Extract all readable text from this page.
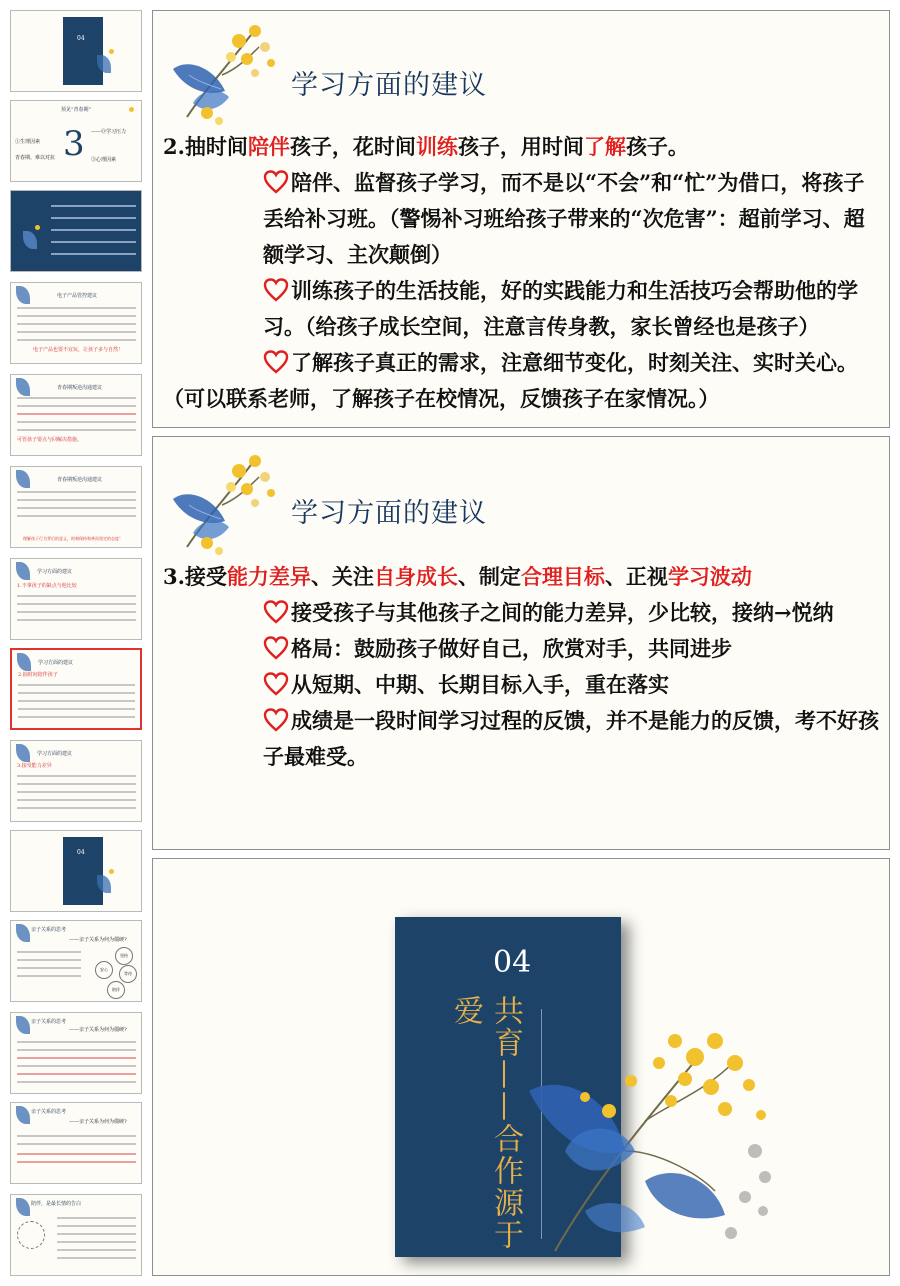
04
预见“青春期”
①生理因素
——⓪学习压力
③心理因素
青春期、难以对抗 3
电子产品管控建议
电子产品也要不宜玩，让孩子多与自然！
青春期叛逆沟通建议
可管孩子要点与回解决措施。
青春期叛逆沟通建议
理解孩子行为背后的意义，时刻保持和善而坚定的态度！
学习方面的建议
1.不拿孩子的缺点与他比较
学习方面的建议
2.抽时间陪伴孩子
学习方面的建议
3.接受能力差异
04
亲子关系的思考
——亲子关系为何为僵硬?
坚持
安心
等待
陪伴
亲子关系的思考
——亲子关系为何为僵硬?
亲子关系的思考
——亲子关系为何为僵硬?
陪伴，是最长情的告白
学习方面的建议
2.抽时间陪伴孩子，花时间训练孩子，用时间了解孩子。
陪伴、监督孩子学习，而不是以“不会”和“忙”为借口，将孩子丢给补习班。（警惕补习班给孩子带来的“次危害”：超前学习、超额学习、主次颠倒）
训练孩子的生活技能，好的实践能力和生活技巧会帮助他的学习。（给孩子成长空间，注意言传身教，家长曾经也是孩子）
了解孩子真正的需求，注意细节变化，时刻关注、实时关心。
（可以联系老师，了解孩子在校情况，反馈孩子在家情况。）
学习方面的建议
3.接受能力差异、关注自身成长、制定合理目标、正视学习波动
接受孩子与其他孩子之间的能力差异，少比较，接纳→悦纳
格局：鼓励孩子做好自己，欣赏对手，共同进步
从短期、中期、长期目标入手，重在落实
成绩是一段时间学习过程的反馈，并不是能力的反馈，考不好孩子最难受。
04
共育——合作源于爱
